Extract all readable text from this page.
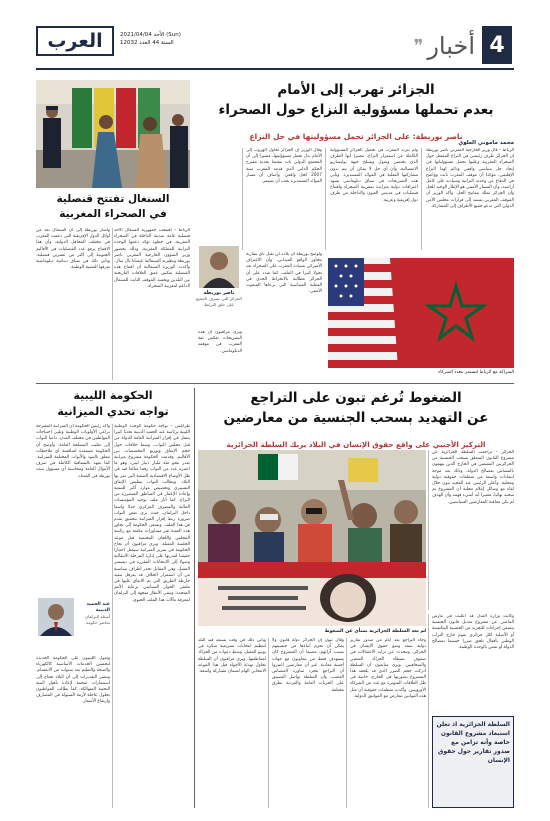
العرب	الأحد 2021/04/04 (Sun)
السنة 44 العدد 12032	❞ أخبار 4
الجزائر تهرب إلى الأمام
بعدم تحملها مسؤولية النزاع حول الصحراء
ناصر بوريطة: على الجزائر تحمل مسؤوليتها في حل النزاع
محمد ماموني العلوي
الرباط – قال وزير الخارجية المغربي ناصر بوريطة إن الجزائر طرف رئيسي في النزاع المفتعل حول الصحراء المغربية وعليها تحمل مسؤولياتها في إيجاد حل سياسي واقعي ودائم لهذا النزاع الإقليمي، مؤكدا أن موقف المغرب ثابت وواضح في الدفاع عن وحدته الترابية وسيادته على كامل أراضيه، وأن المسار الأممي هو الإطار الوحيد للحل وأن الجزائر تملك مفاتيح الحل. وأكد الوزير أن الموقف المغربي يستند إلى قرارات مجلس الأمن الدولي التي تدعو جميع الأطراف إلى المشاركة.
ولم يتردد المغرب في تحميل الجزائر المسؤولية الكاملة عن استمرار النزاع، معتبرا أنها الطرف الذي يحتضن ويمول ويسلح جبهة بوليساريو الانفصالية، وأن أي حل لا يمكن أن يتم بدون مشاركتها الفعلية في الموائد المستديرة. وتأتي هذه التصريحات في سياق دبلوماسي يشهد اعترافات دولية متزايدة بمغربية الصحراء وافتتاح قنصليات في مدينتي العيون والداخلة من طرف دول إفريقية وعربية.
وقال الوزير إن الجزائر تحاول الهروب إلى الأمام بدل تحمل مسؤوليتها، مشيرا إلى أن المجتمع الدولي بات مقتنعا بجدية مقترح الحكم الذاتي الذي قدمه المغرب سنة 2007 كحل واقعي. وأضاف أن مسار الموائد المستديرة يجب أن يستمر.
ناصر بوريطة
الجزائر التي تصرف الجميع على خلق الترابط
وأوضح بوريطة أن بلاده لن تقبل بأي مقاربة تتجاوز الواقع الميداني، وأن الاعتراف الأميركي بسيادة المغرب على الصحراء يعد تحولا كبيرا في الملف. كما شدد على أن الجزائر مطالبة بالانخراط الجدي في العملية السياسية التي يرعاها المبعوث الأممي.
ويرى مراقبون أن هذه التصريحات تعكس ثقة المغرب في موقفه الدبلوماسي.
الشراكة مع الرباط لتستمر بتعدد الشركاء
السنغال تفتتح قنصلية
في الصحراء المغربية
الرباط – افتتحت جمهورية السنغال الأحد قنصلية عامة بمدينة الداخلة في الصحراء المغربية، في خطوة تؤكد دعمها للوحدة الترابية للمملكة المغربية، وذلك بحضور وزير الشؤون الخارجية المغربي ناصر بوريطة ونظيرته السنغالية عيساتا تال سال. وأكدت الوزيرة السنغالية أن افتتاح هذه القنصلية يعكس عمق العلاقات التاريخية بين البلدين ويجسد الموقف الثابت للسنغال الداعم لمغربية الصحراء.
وأشار بوريطة إلى أن السنغال تعد من أوائل الدول الإفريقية التي دعمت المغرب في مختلف المحافل الدولية، وأن هذا الافتتاح يرفع عدد القنصليات في الأقاليم الجنوبية إلى أكثر من عشرين قنصلية. ويأتي ذلك في سياق دينامية دبلوماسية تعرفها القضية الوطنية.
الحكومة الليبية
تواجه تحدي الميزانية
طرابلس – تواجه حكومة الوحدة الوطنية الليبية برئاسة عبد الحميد الدبيبة تحديا كبيرا يتمثل في إقرار الميزانية العامة للدولة من قبل مجلس النواب، وسط خلافات حول حجم الإنفاق وتوزيع المخصصات بين الأقاليم. وقدمت الحكومة مشروع ميزانية يقدر بنحو مئة مليار دينار ليبي، وهو ما اعتبره عدد من النواب رقما مبالغا فيه في ظل الأوضاع الاقتصادية الصعبة التي تمر بها البلاد. ويطالب النواب بتقليص الإنفاق التسييري وتخصيص موارد أكبر للتنمية وإعادة الإعمار في المناطق المتضررة من النزاع. كما أثار ملف توحيد المؤسسات المالية والمصرف المركزي جدلا واسعا داخل البرلمان، حيث يرى بعض النواب ضرورة ربط إقرار الميزانية بتحقيق تقدم في هذا الملف. وتسعى الحكومة إلى تجاوز هذه العقبة عبر مشاورات مكثفة مع رئاسة المجلس واللجان المختصة قبل موعد الجلسة المقبلة. ويرى مراقبون أن نجاح الحكومة في تمرير الميزانية سيمثل اختبارا حقيقيا لقدرتها على إدارة المرحلة الانتقالية وصولا إلى الانتخابات المقررة في ديسمبر المقبل. وفي المقابل تحذر أطراف سياسية من أن استمرار الخلاف قد يعرقل تنفيذ خارطة الطريق التي تم الاتفاق عليها في ملتقى الحوار السياسي برعاية الأمم المتحدة. وتبقى الأنظار متجهة إلى البرلمان لمعرفة مآلات هذا الملف الحيوي.
وأكد رئيس الحكومة أن الميزانية المقترحة تراعي الأولويات الوطنية وتلبي احتياجات المواطنين في مختلف المدن، داعيا النواب إلى تغليب المصلحة العامة. وأوضح أن الحكومة مستعدة لمناقشة أي ملاحظات تتعلق بالبنود والأبواب المختلفة للميزانية. كما تعهد بالشفافية الكاملة في صرف الأموال العامة ومحاسبة أي مسؤول يثبت تورطه في الفساد.
عبد الحميد الدبيبة
أسئلة البرلمان تحاصر حكومة
ويعول الليبيون على الحكومة الجديدة لتحسين الخدمات الأساسية كالكهرباء والصحة والتعليم بعد سنوات من الانقسام. وتشير التقديرات إلى أن البلاد تحتاج إلى استثمارات ضخمة لإعادة تأهيل البنية التحتية المتهالكة. كما يطالب المواطنون بحلول عاجلة لأزمة السيولة في المصارف وارتفاع الأسعار.
الضغوط تُرغم تبون على التراجع
عن التهديد بسحب الجنسية من معارضين
التركيز الأجنبي على واقع حقوق الإنسان في البلاد يربك السلطة الجزائرية
الجزائر – تراجعت السلطة الجزائرية عن مشروع القانون المتعلق بسحب الجنسية من الجزائريين المقيمين في الخارج الذين يتهمون بالمساس بمصالح الدولة، وذلك بعد موجة انتقادات واسعة من منظمات حقوقية دولية ومحلية. وأعلن الرئيس عبد المجيد تبون خلال لقاء مع وسائل إعلام محلية أن المشروع تم سحبه نهائيا، معتبرا أنه أسيء فهمه وأن الهدف لم يكن معاقبة المعارضين السياسيين.
لم تعد السلطة الجزائرية بمنأى عن الضغوط
وكانت وزارة العدل قد أعلنت في مارس الماضي عن مشروع تعديل قانون الجنسية يتضمن إجراءات للتجريد من الجنسية المكتسبة أو الأصلية لكل جزائري يقوم خارج التراب الوطني بأفعال تلحق ضررا جسيما بمصالح الدولة أو تمس بالوحدة الوطنية.
السلطة الجزائرية اذ تعلن استبعاد مشروع القانون خاصة وأنه تزامن مع صدور تقارير حول حقوق الإنسان
وجاء التراجع بعد أيام من صدور تقارير دولية تنتقد وضع حقوق الإنسان في الجزائر، وتتحدث عن تزايد الاعتقالات في صفوف نشطاء الحراك الشعبي والصحافيين. ويرى متابعون أن السلطة أدركت حجم الضرر الذي قد يلحقه هذا المشروع بصورتها في الخارج، خاصة في ظل العلاقات المتوترة مع عدد من الشركاء الأوروبيين. وأكدت منظمات حقوقية أن مثل هذه القوانين تتعارض مع المواثيق الدولية.
وقال تبون إن الجزائر دولة قانون ولا يمكن أن تحرم أبناءها من جنسيتهم بسبب آرائهم، مضيفا أن المشروع كان يستهدف فقط من يتعاونون مع جهات أجنبية معادية. غير أن معارضين اعتبروا أن التراجع مجرد مناورة لامتصاص الغضب، وأن السلطة تواصل التضييق على الحريات العامة والفردية بطرق مختلفة.
ويأتي ذلك في وقت يستعد فيه البلد لتنظيم انتخابات تشريعية مبكرة في يونيو المقبل، وسط دعوات من الحراك لمقاطعتها. ويرى مراقبون أن السلطة تحاول تهدئة الأجواء قبل هذا الموعد الانتخابي الهام لضمان مشاركة واسعة.
